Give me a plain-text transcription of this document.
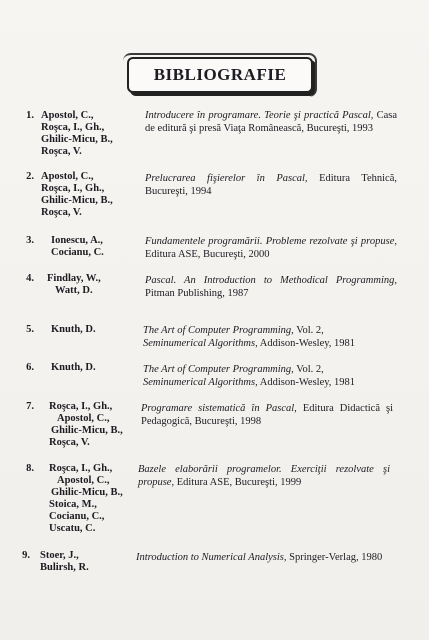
BIBLIOGRAFIE
1. Apostol, C.,
Roşca, I., Gh.,
Ghilic-Micu, B.,
Roşca, V.
Introducere în programare. Teorie şi practică Pascal, Casa de editură şi presă Viaţa Românească, Bucureşti, 1993
2. Apostol, C.,
Roşca, I., Gh.,
Ghilic-Micu, B.,
Roşca, V.
Prelucrarea fişierelor în Pascal, Editura Tehnică, Bucureşti, 1994
3. Ionescu, A.,
Cocianu, C.
Fundamentele programării. Probleme rezolvate şi propuse, Editura ASE, Bucureşti, 2000
4. Findlay, W.,
Watt, D.
Pascal. An Introduction to Methodical Programming, Pitman Publishing, 1987
5. Knuth, D.	The Art of Computer Programming, Vol. 2,
Seminumerical Algorithms, Addison-Wesley, 1981
6. Knuth, D.	The Art of Computer Programming, Vol. 2,
Seminumerical Algorithms, Addison-Wesley, 1981
7. Roşca, I., Gh.,
Apostol, C.,
Ghilic-Micu, B.,
Roşca, V.
Programare sistematică în Pascal, Editura Didactică şi Pedagogică, Bucureşti, 1998
8. Roşca, I., Gh.,
Apostol, C.,
Ghilic-Micu, B.,
Stoica, M.,
Cocianu, C.,
Uscatu, C.
Bazele elaborării programelor. Exerciţii rezolvate şi propuse, Editura ASE, Bucureşti, 1999
9. Stoer, J.,
Bulirsh, R.
Introduction to Numerical Analysis, Springer-Verlag, 1980
